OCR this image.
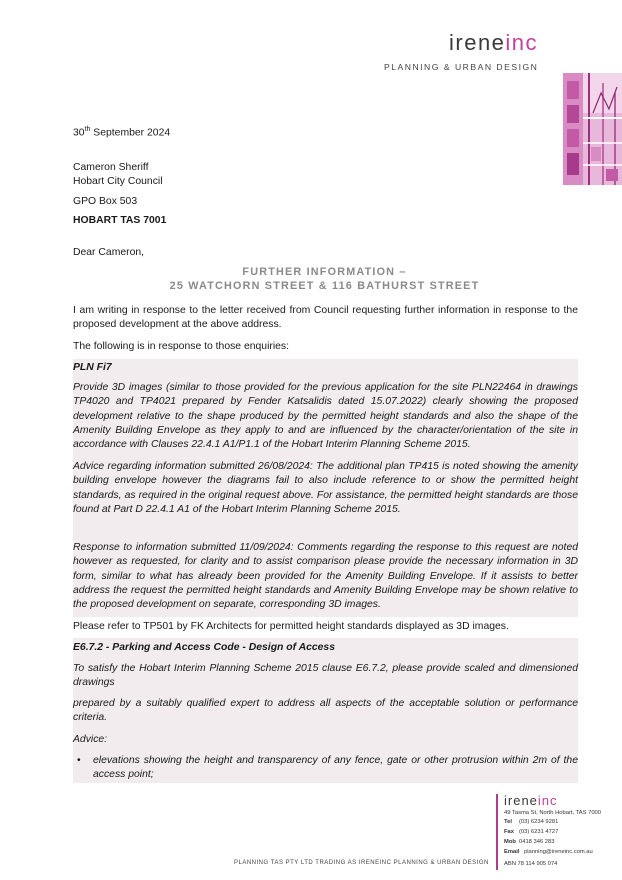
ireneinc
PLANNING & URBAN DESIGN
30th September 2024
Cameron Sheriff
Hobart City Council
GPO Box 503
HOBART TAS 7001
Dear Cameron,
FURTHER INFORMATION –
25 WATCHORN STREET & 116 BATHURST STREET
I am writing in response to the letter received from Council requesting further information in response to the proposed development at the above address.
The following is in response to those enquiries:
PLN Fi7
Provide 3D images (similar to those provided for the previous application for the site PLN22464 in drawings TP4020 and TP4021 prepared by Fender Katsalidis dated 15.07.2022) clearly showing the proposed development relative to the shape produced by the permitted height standards and also the shape of the Amenity Building Envelope as they apply to and are influenced by the character/orientation of the site in accordance with Clauses 22.4.1 A1/P1.1 of the Hobart Interim Planning Scheme 2015.
Advice regarding information submitted 26/08/2024: The additional plan TP415 is noted showing the amenity building envelope however the diagrams fail to also include reference to or show the permitted height standards, as required in the original request above. For assistance, the permitted height standards are those found at Part D 22.4.1 A1 of the Hobart Interim Planning Scheme 2015.
Response to information submitted 11/09/2024: Comments regarding the response to this request are noted however as requested, for clarity and to assist comparison please provide the necessary information in 3D form, similar to what has already been provided for the Amenity Building Envelope. If it assists to better address the request the permitted height standards and Amenity Building Envelope may be shown relative to the proposed development on separate, corresponding 3D images.
Please refer to TP501 by FK Architects for permitted height standards displayed as 3D images.
E6.7.2 - Parking and Access Code - Design of Access
To satisfy the Hobart Interim Planning Scheme 2015 clause E6.7.2, please provide scaled and dimensioned drawings
prepared by a suitably qualified expert to address all aspects of the acceptable solution or performance criteria.
Advice:
• elevations showing the height and transparency of any fence, gate or other protrusion within 2m of the access point;
ireneinc
49 Tasma St, North Hobart, TAS 7000
Tel (03) 6234 9281
Fax (03) 6231 4727
Mob 0418 346 283
Email planning@ireneinc.com.au
ABN 78 114 905 074
PLANNING TAS PTY LTD TRADING AS IRENEINC PLANNING & URBAN DESIGN
